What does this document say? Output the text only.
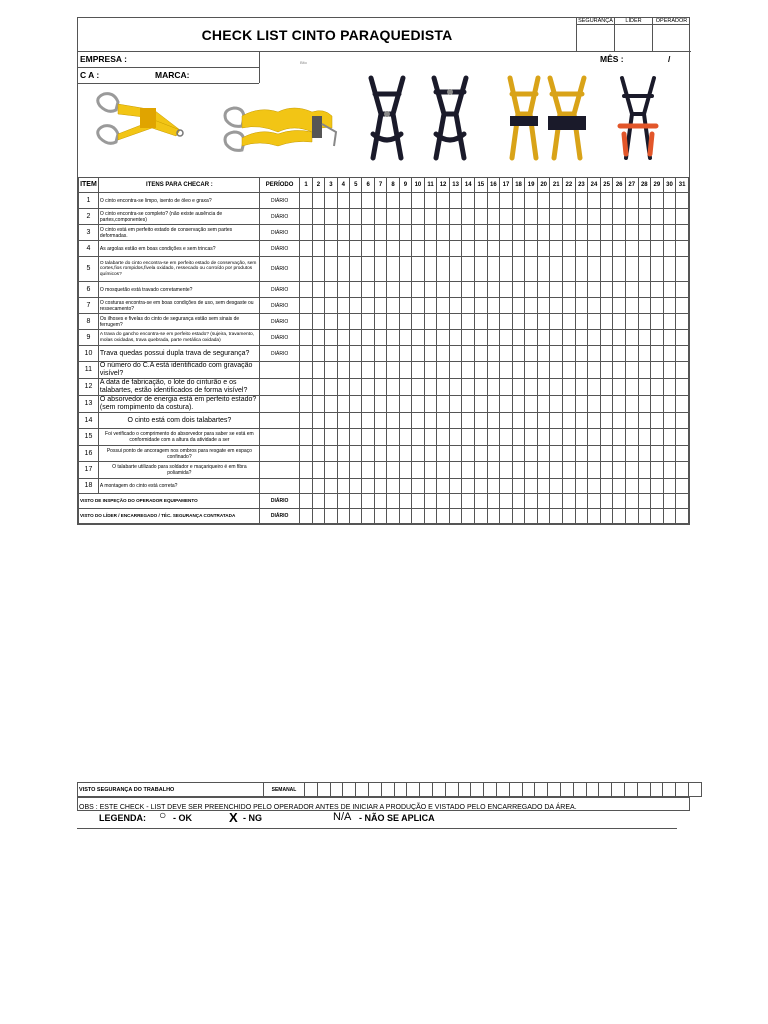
CHECK LIST CINTO PARAQUEDISTA
SEGURANÇA	LÍDER	OPERADOR
EMPRESA :	MÊS :	/
C A :	MARCA:
Blto
ITEM	ITENS PARA CHECAR :	PERÍODO	1	2	3	4	5	6	7	8	9	10	11	12	13	14	15	16	17	18	19	20	21	22	23	24	25	26	27	28	29	30	31
1	O cinto encontra-se limpo, isento de óleo e graxa?	DIÁRIO																															
2	O cinto encontra-se completo? (não existe ausência de partes,componentes)	DIÁRIO																															
3	O cinto está em perfeito estado de conservação sem partes deformadas.	DIÁRIO																															
4	As argolas estão em boas condições e sem trincas?	DIÁRIO																															
5	O talabarte do cinto encontra-se em perfeito estado de conservação, sem cortes,fios rompidos,fivela oxidado, ressecado ou corroído por produtos químicos?	DIÁRIO																															
6	O mosquetão está travado corretamente?	DIÁRIO																															
7	O costuras encontra-se em boas condições de uso, sem desgaste ou ressecamento?	DIÁRIO																															
8	Os ilhoses e fivelas do cinto de segurança estão sem sinais de ferrugem?	DIÁRIO																															
9	A trava do gancho encontra-se em perfeito estado? (sujeira, travamento, molas oxidadas, trava quebrada, parte metálica oxidada)	DIÁRIO																															
10	Trava quedas possui dupla trava de segurança?	DIÁRIO																															
11	O número do C.A está identificado com gravação visível?																																
12	A data de fabricação, o lote do cinturão e os talabartes, estão identificados de forma visível?																																
13	O absorvedor de energia está em perfeito estado? (sem rompimento da costura).																																
14	O cinto está com dois talabartes?																																
15	Foi verificado o comprimento do absorvedor para saber se está em conformidade com a altura da atividade a ser																																
16	Possui ponto de ancoragem nos ombros para resgate em espaço confinado?																																
17	O talabarte utilizado para soldador e maçariqueiro é em fibra poliamida?																																
18	A montagem do cinto está correta?																																
VISTO DE INSPEÇÃO DO OPERADOR EQUIPAMENTO		DIÁRIO																															
VISTO DO LÍDER / ENCARREGADO / TÉC. SEGURANÇA CONTRATADA		DIÁRIO																															
VISTO SEGURANÇA DO TRABALHO	SEMANAL																															
OBS : ESTE CHECK - LIST DEVE SER PREENCHIDO PELO OPERADOR ANTES DE INICIAR A PRODUÇÃO E VISTADO PELO ENCARREGADO DA ÁREA.
LEGENDA: ○ - OK	X - NG	N/A - NÃO SE APLICA
